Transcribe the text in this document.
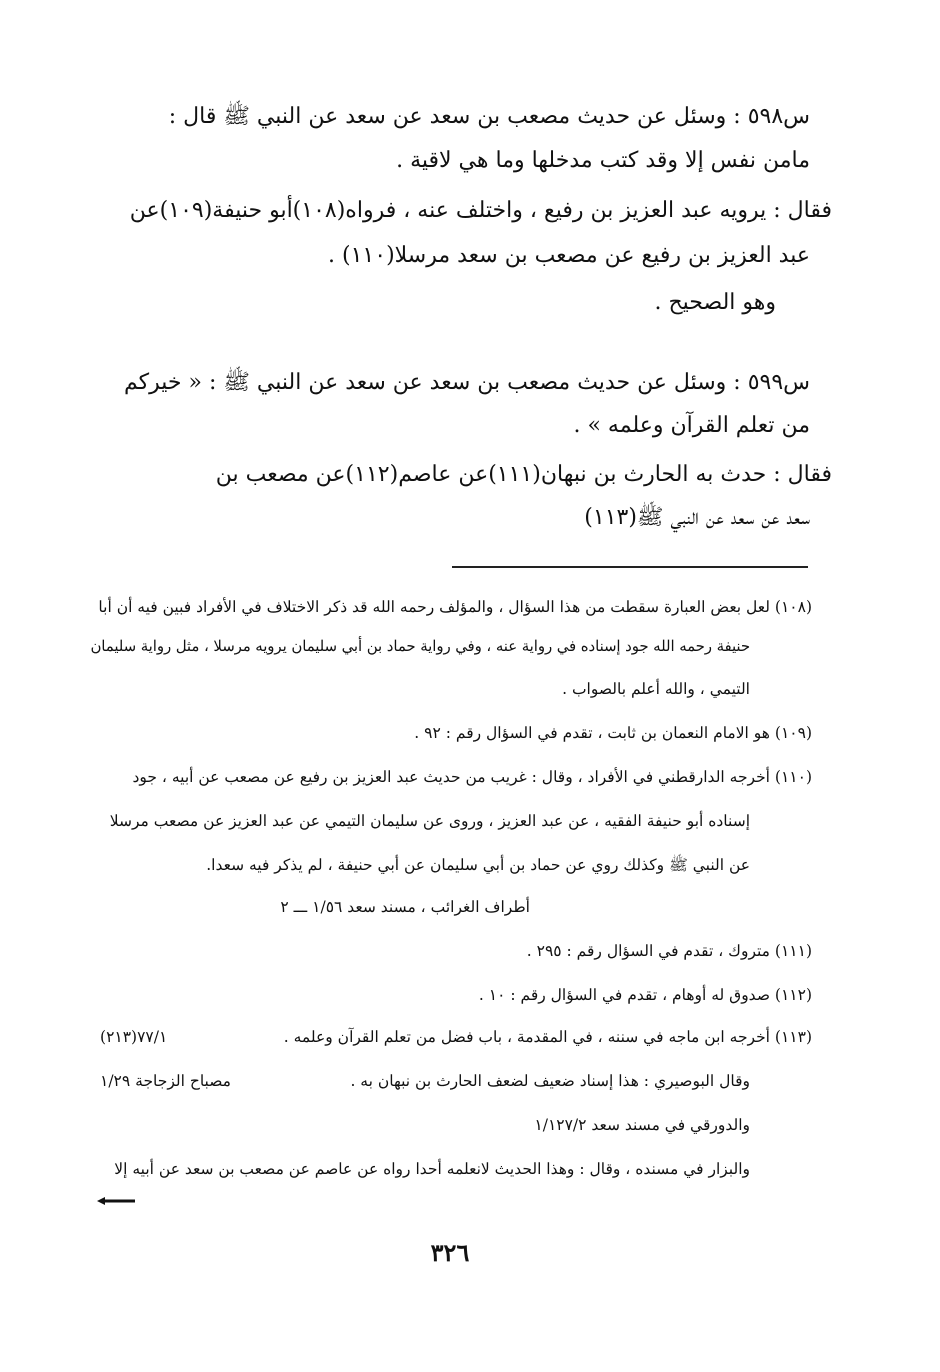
س٥٩٨ : وسئل عن حديث مصعب بن سعد عن سعد عن النبي ﷺ قال :
مامن نفس إلا وقد كتب مدخلها وما هي لاقية .
فقال : يرويه عبد العزيز بن رفيع ، واختلف عنه ، فرواه(١٠٨)أبو حنيفة(١٠٩)عن
عبد العزيز بن رفيع عن مصعب بن سعد مرسلا(١١٠) .
وهو الصحيح .
س٥٩٩ : وسئل عن حديث مصعب بن سعد عن سعد عن النبي ﷺ : « خيركم
من تعلم القرآن وعلمه » .
فقال : حدث به الحارث بن نبهان(١١١)عن عاصم(١١٢)عن مصعب بن
سعد عن سعد عن النبي ﷺ(١١٣)
(١٠٨) لعل بعض العبارة سقطت من هذا السؤال ، والمؤلف رحمه الله قد ذكر الاختلاف في الأفراد فبين فيه أن أبا
حنيفة رحمه الله جود إسناده في رواية عنه ، وفي رواية حماد بن أبي سليمان يرويه مرسلا ، مثل رواية سليمان
التيمي ، والله أعلم بالصواب .
(١٠٩) هو الامام النعمان بن ثابت ، تقدم في السؤال رقم : ٩٢ .
(١١٠) أخرجه الدارقطني في الأفراد ، وقال : غريب من حديث عبد العزيز بن رفيع عن مصعب عن أبيه ، جود
إسناده أبو حنيفة الفقيه ، عن عبد العزيز ، وروى عن سليمان التيمي عن عبد العزيز عن مصعب مرسلا
عن النبي ﷺ وكذلك روي عن حماد بن أبي سليمان عن أبي حنيفة ، لم يذكر فيه سعدا.
أطراف الغرائب ، مسند سعد ١/٥٦ ـــ ٢
(١١١) متروك ، تقدم في السؤال رقم : ٢٩٥ .
(١١٢) صدوق له أوهام ، تقدم في السؤال رقم : ١٠ .
(١١٣) أخرجه ابن ماجه في سننه ، في المقدمة ، باب فضل من تعلم القرآن وعلمه .
٧٧/١(٢١٣)
وقال البوصيري : هذا إسناد ضعيف لضعف الحارث بن نبهان به .
مصباح الزجاجة ١/٢٩
والدورقي في مسند سعد ١/١٢٧/٢
والبزار في مسنده ، وقال : وهذا الحديث لانعلمه أحدا رواه عن عاصم عن مصعب بن سعد عن أبيه إلا
٣٢٦
